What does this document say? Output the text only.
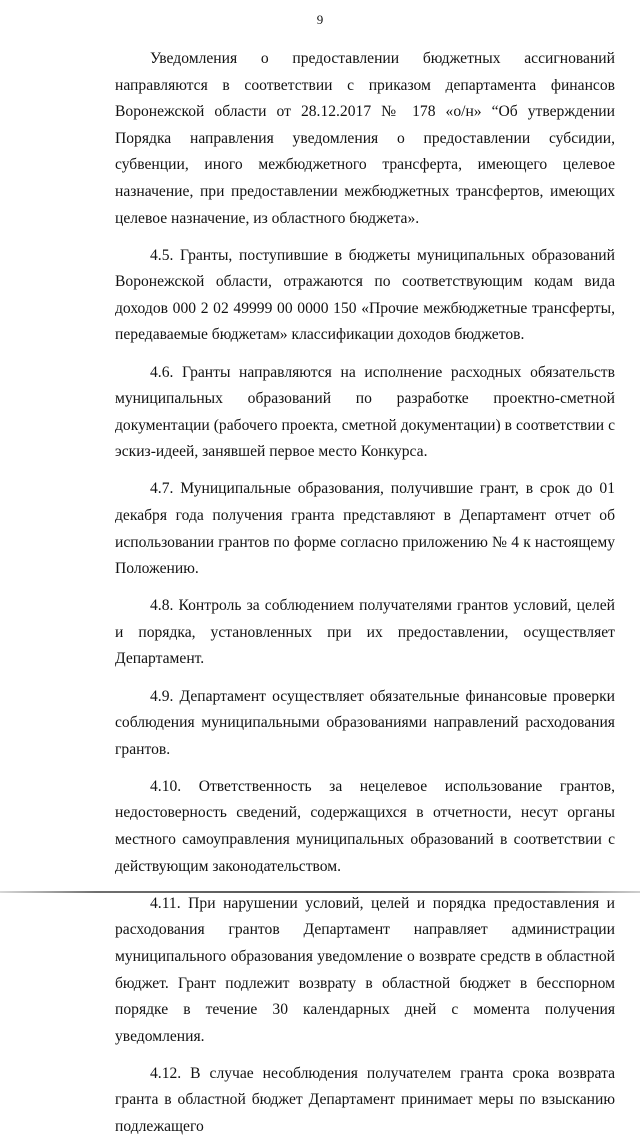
9

Уведомления о предоставлении бюджетных ассигнований направляются в соответствии с приказом департамента финансов Воронежской области от 28.12.2017 № 178 «о/н» “Об утверждении Порядка направления уведомления о предоставлении субсидии, субвенции, иного межбюджетного трансферта, имеющего целевое назначение, при предоставлении межбюджетных трансфертов, имеющих целевое назначение, из областного бюджета».

4.5. Гранты, поступившие в бюджеты муниципальных образований Воронежской области, отражаются по соответствующим кодам вида доходов 000 2 02 49999 00 0000 150 «Прочие межбюджетные трансферты, передаваемые бюджетам» классификации доходов бюджетов.

4.6. Гранты направляются на исполнение расходных обязательств муниципальных образований по разработке проектно-сметной документации (рабочего проекта, сметной документации) в соответствии с эскиз-идеей, занявшей первое место Конкурса.

4.7. Муниципальные образования, получившие грант, в срок до 01 декабря года получения гранта представляют в Департамент отчет об использовании грантов по форме согласно приложению № 4 к настоящему Положению.

4.8. Контроль за соблюдением получателями грантов условий, целей и порядка, установленных при их предоставлении, осуществляет Департамент.

4.9. Департамент осуществляет обязательные финансовые проверки соблюдения муниципальными образованиями направлений расходования грантов.

4.10. Ответственность за нецелевое использование грантов, недостоверность сведений, содержащихся в отчетности, несут органы местного самоуправления муниципальных образований в соответствии с действующим законодательством.

4.11. При нарушении условий, целей и порядка предоставления и расходования грантов Департамент направляет администрации муниципального образования уведомление о возврате средств в областной бюджет. Грант подлежит возврату в областной бюджет в бесспорном порядке в течение 30 календарных дней с момента получения уведомления.

4.12. В случае несоблюдения получателем гранта срока возврата гранта в областной бюджет Департамент принимает меры по взысканию подлежащего
